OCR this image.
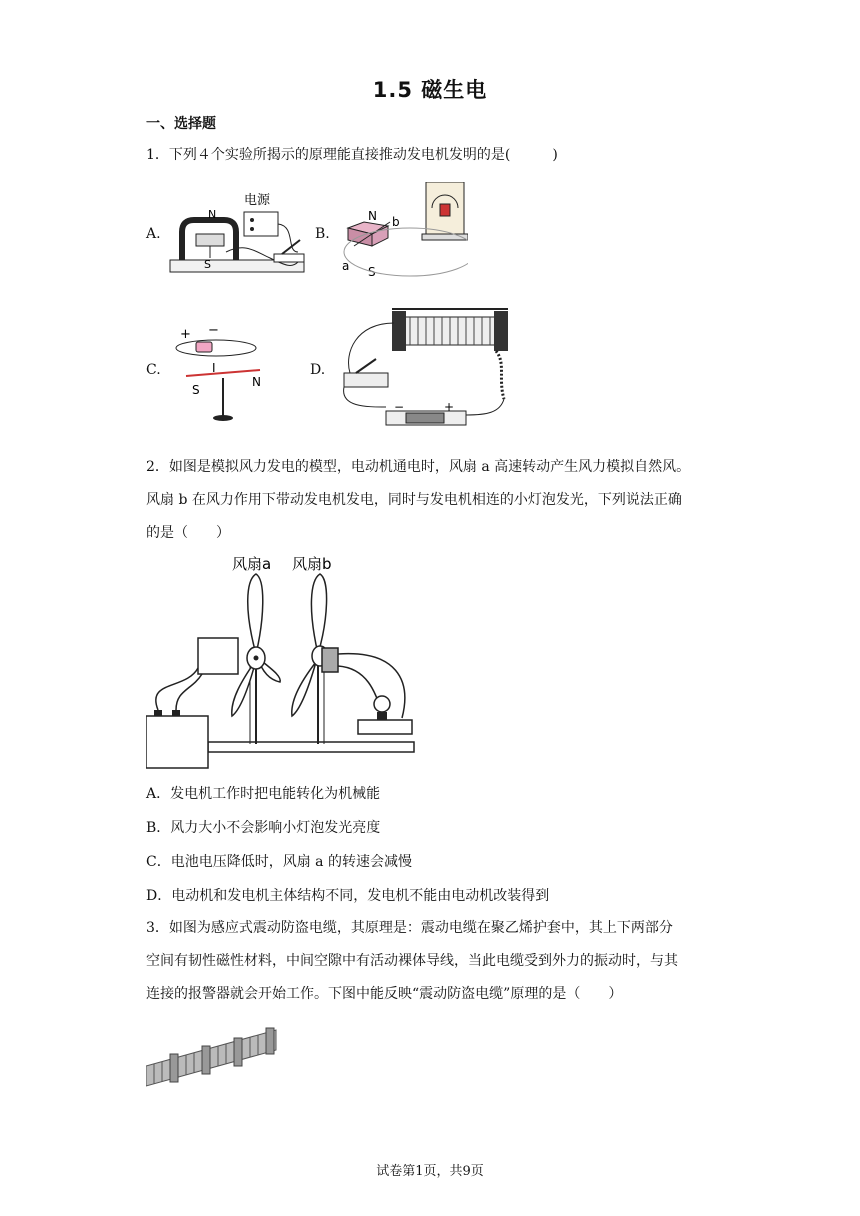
1.5 磁生电
一、选择题
1．下列４个实验所揭示的原理能直接推动发电机发明的是(　　　)
A.
N
S
电源
B.
N b
a S
C.
+ −
I
S
N
D.
−	+
2．如图是模拟风力发电的模型，电动机通电时，风扇 a 高速转动产生风力模拟自然风。
风扇 b 在风力作用下带动发电机发电，同时与发电机相连的小灯泡发光，下列说法正确
的是（　　）
风扇a 风扇b
A．发电机工作时把电能转化为机械能
B．风力大小不会影响小灯泡发光亮度
C．电池电压降低时，风扇 a 的转速会减慢
D．电动机和发电机主体结构不同，发电机不能由电动机改装得到
3．如图为感应式震动防盗电缆，其原理是：震动电缆在聚乙烯护套中，其上下两部分
空间有韧性磁性材料，中间空隙中有活动裸体导线，当此电缆受到外力的振动时，与其
连接的报警器就会开始工作。下图中能反映“震动防盗电缆”原理的是（　　）
试卷第1页，共9页
